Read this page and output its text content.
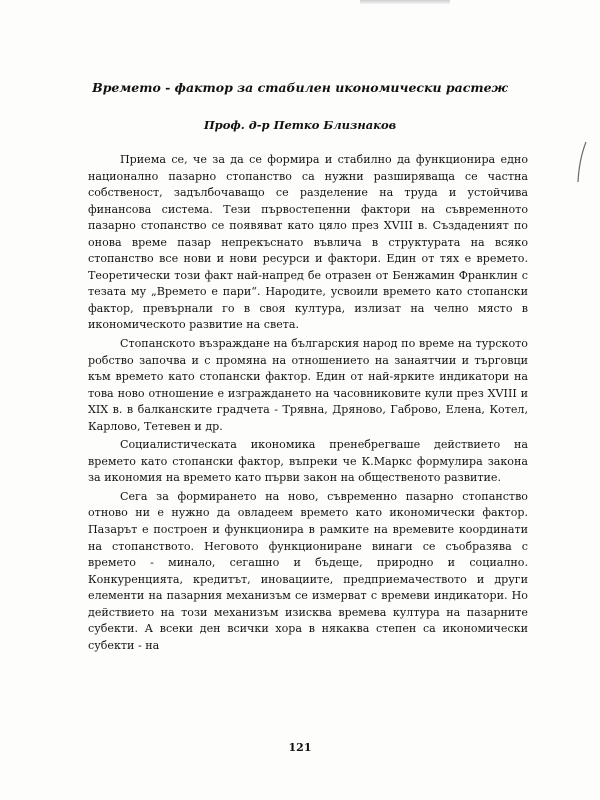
Времето - фактор за стабилен икономически растеж
Проф. д-р Петко Близнаков

Приема се, че за да се формира и стабилно да функционира едно национално пазарно стопанство са нужни разширяваща се частна собственост, задълбочаващо се разделение на труда и устойчива финансова система. Тези първостепенни фактори на съвременното пазарно стопанство се появяват като цяло през XVIII в. Създаденият по онова време пазар непрекъснато въвлича в структурата на всяко стопанство все нови и нови ресурси и фактори. Един от тях е времето. Теоретически този факт най-напред бе отразен от Бенжамин Франклин с тезата му „Времето е пари“. Народите, усвоили времето като стопански фактор, превърнали го в своя култура, излизат на челно място в икономическото развитие на света.

Стопанското възраждане на българския народ по време на турското робство започва и с промяна на отношението на занаятчии и търговци към времето като стопански фактор. Един от най-ярките индикатори на това ново отношение е изграждането на часовниковите кули през XVIII и XIX в. в балканските градчета - Трявна, Дряново, Габрово, Елена, Котел, Карлово, Тетевен и др.

Социалистическата икономика пренебрегваше действието на времето като стопански фактор, въпреки че К.Маркс формулира закона за икономия на времето като първи закон на общественото развитие.

Сега за формирането на ново, съвременно пазарно стопанство отново ни е нужно да овладеем времето като икономически фактор. Пазарът е построен и функционира в рамките на времевите координати на стопанството. Неговото функциониране винаги се съобразява с времето - минало, сегашно и бъдеще, природно и социално. Конкуренцията, кредитът, иновациите, предприемачеството и други елементи на пазарния механизъм се измерват с времеви индикатори. Но действието на този механизъм изисква времева култура на пазарните субекти. А всеки ден всички хора в някаква степен са икономически субекти - на

121
